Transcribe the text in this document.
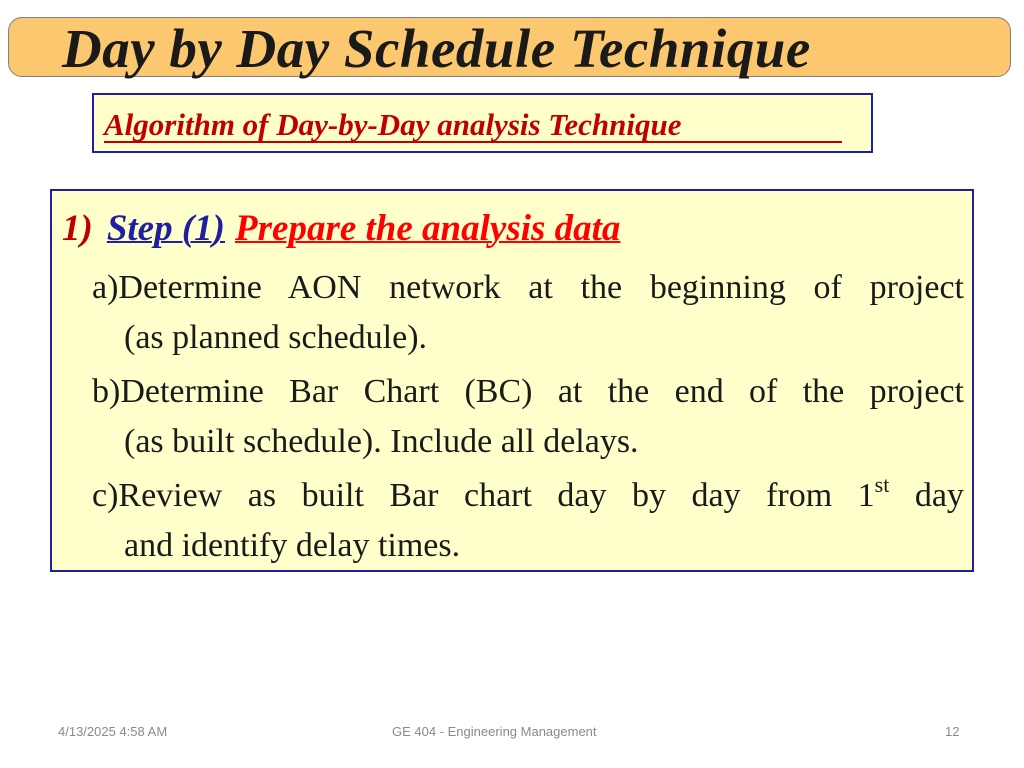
Day by Day Schedule Technique
Algorithm of Day-by-Day analysis Technique
1) Step (1) Prepare the analysis data
a)Determine AON network at the beginning of project
(as planned schedule).
b)Determine Bar Chart (BC) at the end of the project
(as built schedule). Include all delays.
c)Review as built Bar chart day by day from 1st day
and identify delay times.
4/13/2025 4:58 AM	GE 404 - Engineering Management	12
